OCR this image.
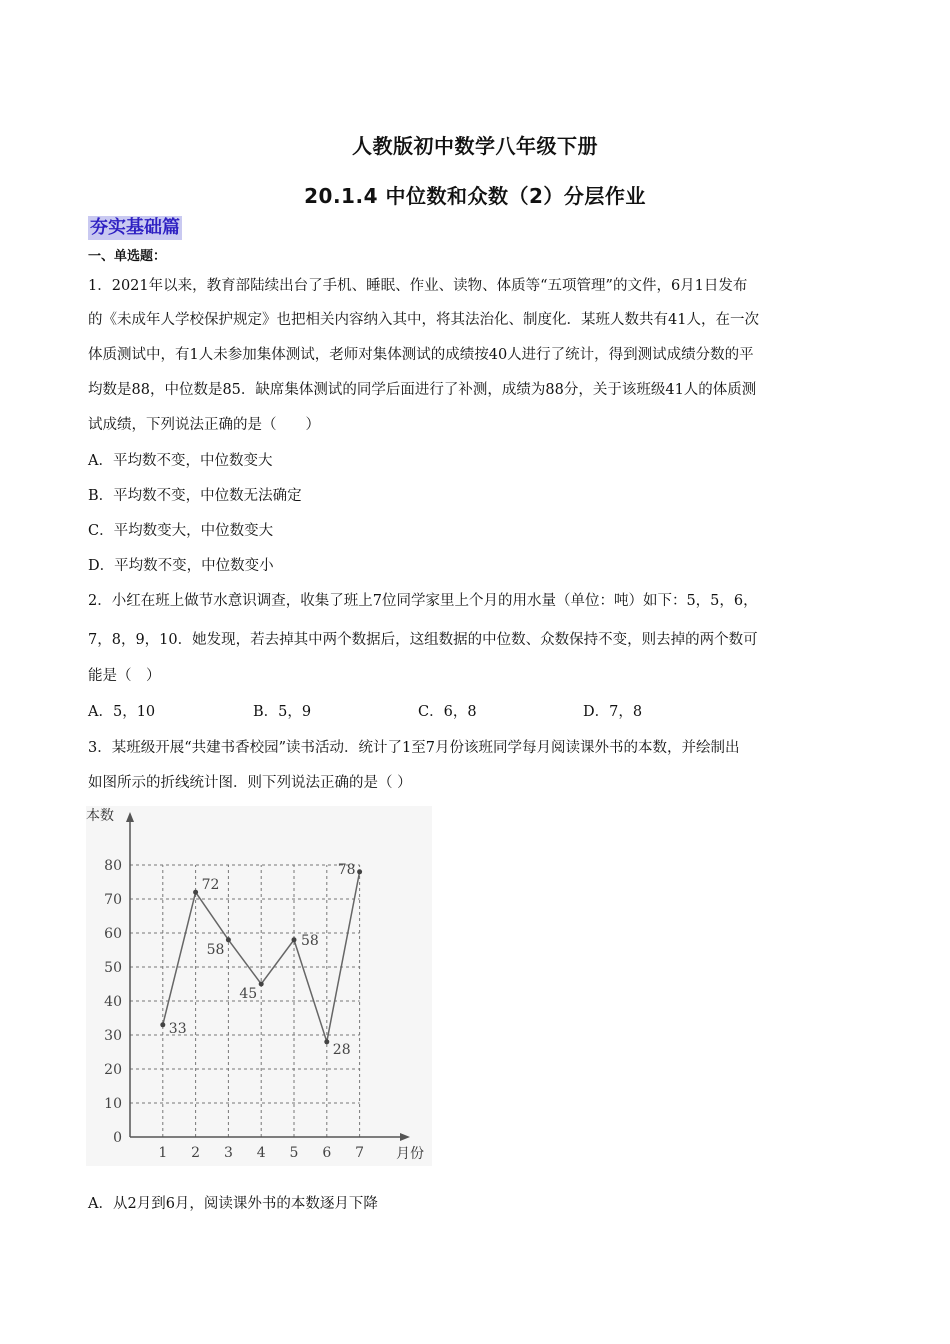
人教版初中数学八年级下册
20.1.4 中位数和众数（2）分层作业
夯实基础篇
一、单选题：
1．2021年以来，教育部陆续出台了手机、睡眠、作业、读物、体质等“五项管理”的文件，6月1日发布
的《未成年人学校保护规定》也把相关内容纳入其中，将其法治化、制度化．某班人数共有41人，在一次
体质测试中，有1人未参加集体测试，老师对集体测试的成绩按40人进行了统计，得到测试成绩分数的平
均数是88，中位数是85．缺席集体测试的同学后面进行了补测，成绩为88分，关于该班级41人的体质测
试成绩，下列说法正确的是（　　）
A．平均数不变，中位数变大
B．平均数不变，中位数无法确定
C．平均数变大，中位数变大
D．平均数不变，中位数变小
2．小红在班上做节水意识调查，收集了班上7位同学家里上个月的用水量（单位：吨）如下：5，5，6，
7，8，9，10．她发现，若去掉其中两个数据后，这组数据的中位数、众数保持不变，则去掉的两个数可
能是（　）
A．5，10	B．5，9	C．6，8	D．7，8
3．某班级开展“共建书香校园”读书活动．统计了1至7月份该班同学每月阅读课外书的本数，并绘制出
如图所示的折线统计图．则下列说法正确的是（ ）
0
10
20
30
40
50
60
70
80
1 2 3 4 5 6 7
33
72
58
45
58
28
78
本数
月份
A．从2月到6月，阅读课外书的本数逐月下降
